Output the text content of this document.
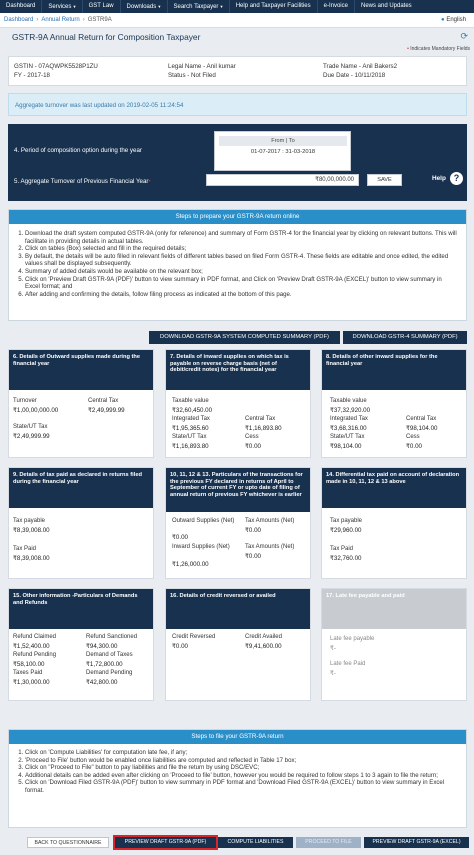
Dashboard	Services ▾	GST Law	Downloads ▾	Search Taxpayer ▾	Help and Taxpayer Facilities	e-Invoice	News and Updates
Dashboard › Annual Return › GSTR9A	● English
GSTR-9A Annual Return for Composition Taxpayer	⟳
• Indicates Mandatory Fields
GSTIN - 07AQWPK5528P1ZU
FY - 2017-18
Legal Name - Anil kumar
Status - Not Filed
Trade Name - Anil Bakers2
Due Date - 10/11/2018
Aggregate turnover was last updated on 2019-02-05 11:24:54
4. Period of composition option during the year
From | To
01-07-2017 : 31-03-2018
5. Aggregate Turnover of Previous Financial Year•	₹80,00,000.00	SAVE	Help ?
Steps to prepare your GSTR-9A return online
1. Download the draft system computed GSTR-9A (only for reference) and summary of Form GSTR-4 for the financial year by clicking on relevant buttons. This will facilitate in providing details in actual tables.
2. Click on tables (Box) selected and fill in the required details;
3. By default, the details will be auto filled in relevant fields of different tables based on filed Form GSTR-4. These fields are editable and once edited, the edited values shall be displayed subsequently.
4. Summary of added details would be available on the relevant box;
5. Click on 'Preview Draft GSTR-9A (PDF)' button to view summary in PDF format, and Click on 'Preview Draft GSTR-9A (EXCEL)' button to view summary in Excel format; and
6. After adding and confirming the details, follow filing process as indicated at the bottom of this page.
DOWNLOAD GSTR-9A SYSTEM COMPUTED SUMMARY (PDF)	DOWNLOAD GSTR-4 SUMMARY (PDF)
6. Details of Outward supplies made during the financial year
Turnover
₹1,00,00,000.00
Central Tax
₹2,49,999.99
State/UT Tax
₹2,49,999.99
7. Details of inward supplies on which tax is payable on reverse charge basis (net of debit/credit notes) for the financial year
Taxable value
₹32,60,450.00
Integrated Tax
₹1,95,365.60
Central Tax
₹1,16,893.80
State/UT Tax
₹1,16,893.80
Cess
₹0.00
8. Details of other inward supplies for the financial year
Taxable value
₹37,32,920.00
Integrated Tax
₹3,68,316.00
Central Tax
₹98,104.00
State/UT Tax
₹98,104.00
Cess
₹0.00
9. Details of tax paid as declared in returns filed during the financial year
Tax payable
₹8,39,008.00
Tax Paid
₹8,39,008.00
10, 11, 12 & 13. Particulars of the transactions for the previous FY declared in returns of April to September of current FY or upto date of filing of annual return of previous FY whichever is earlier
Outward Supplies (Net)
₹0.00
Tax Amounts (Net)
₹0.00
Inward Supplies (Net)
₹1,26,000.00
Tax Amounts (Net)
₹0.00
14. Differential tax paid on account of declaration made in 10, 11, 12 & 13 above
Tax payable
₹29,960.00
Tax Paid
₹32,760.00
15. Other information -Particulars of Demands and Refunds
Refund Claimed
₹1,52,400.00
Refund Sanctioned
₹94,300.00
Refund Pending
₹58,100.00
Demand of Taxes
₹1,72,800.00
Taxes Paid
₹1,30,000.00
Demand Pending
₹42,800.00
16. Details of credit reversed or availed
Credit Reversed
₹0.00
Credit Availed
₹9,41,600.00
17. Late fee payable and paid
Late fee payable
₹-
Late fee Paid
₹-
Steps to file your GSTR-9A return
1. Click on 'Compute Liabilities' for computation late fee, if any;
2. 'Proceed to File' button would be enabled once liabilities are computed and reflected in Table 17 box;
3. Click on "Proceed to File" button to pay liabilities and file the return by using DSC/EVC;
4. Additional details can be added even after clicking on 'Proceed to file' button, however you would be required to follow steps 1 to 3 again to file the return;
5. Click on 'Download Filed GSTR-9A (PDF)' button to view summary in PDF format and 'Download Filed GSTR-9A (EXCEL)' button to view summary in Excel format.
BACK TO QUESTIONNAIRE	PREVIEW DRAFT GSTR-9A (PDF)	COMPUTE LIABILITIES	PROCEED TO FILE	PREVIEW DRAFT GSTR-9A (EXCEL)
